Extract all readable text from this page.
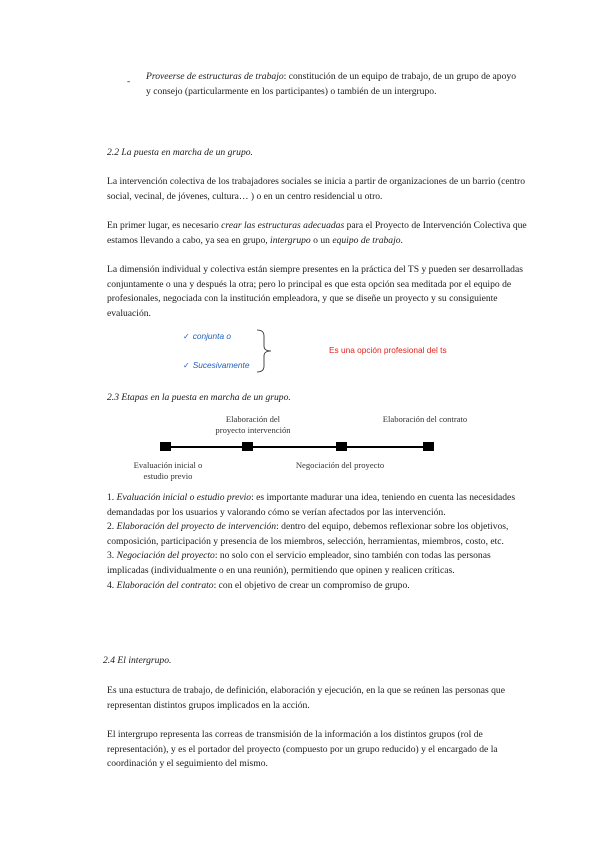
- Proveerse de estructuras de trabajo: constitución de un equipo de trabajo, de un grupo de apoyo y consejo (particularmente en los participantes) o también de un intergrupo.

2.2 La puesta en marcha de un grupo.

La intervención colectiva de los trabajadores sociales se inicia a partir de organizaciones de un barrio (centro social, vecinal, de jóvenes, cultura… ) o en un centro residencial u otro.

En primer lugar, es necesario crear las estructuras adecuadas para el Proyecto de Intervención Colectiva que estamos llevando a cabo, ya sea en grupo, intergrupo o un equipo de trabajo.

La dimensión individual y colectiva están siempre presentes en la práctica del TS y pueden ser desarrolladas conjuntamente o una y después la otra; pero lo principal es que esta opción sea meditada por el equipo de profesionales, negociada con la institución empleadora, y que se diseñe un proyecto y su consiguiente evaluación.

✓ conjunta o
✓ Sucesivamente
Es una opción profesional del ts

2.3 Etapas en la puesta en marcha de un grupo.

Elaboración del proyecto intervención
Elaboración del contrato
Evaluación inicial o estudio previo
Negociación del proyecto

1. Evaluación inicial o estudio previo: es importante madurar una idea, teniendo en cuenta las necesidades demandadas por los usuarios y valorando cómo se verían afectados por las intervención.

2. Elaboración del proyecto de intervención: dentro del equipo, debemos reflexionar sobre los objetivos, composición, participación y presencia de los miembros, selección, herramientas, miembros, costo, etc.

3. Negociación del proyecto: no solo con el servicio empleador, sino también con todas las personas implicadas (individualmente o en una reunión), permitiendo que opinen y realicen críticas.

4. Elaboración del contrato: con el objetivo de crear un compromiso de grupo.

2.4 El intergrupo.

Es una estuctura de trabajo, de definición, elaboración y ejecución, en la que se reúnen las personas que representan distintos grupos implicados en la acción.

El intergrupo representa las correas de transmisión de la información a los distintos grupos (rol de representación), y es el portador del proyecto (compuesto por un grupo reducido) y el encargado de la coordinación y el seguimiento del mismo.
